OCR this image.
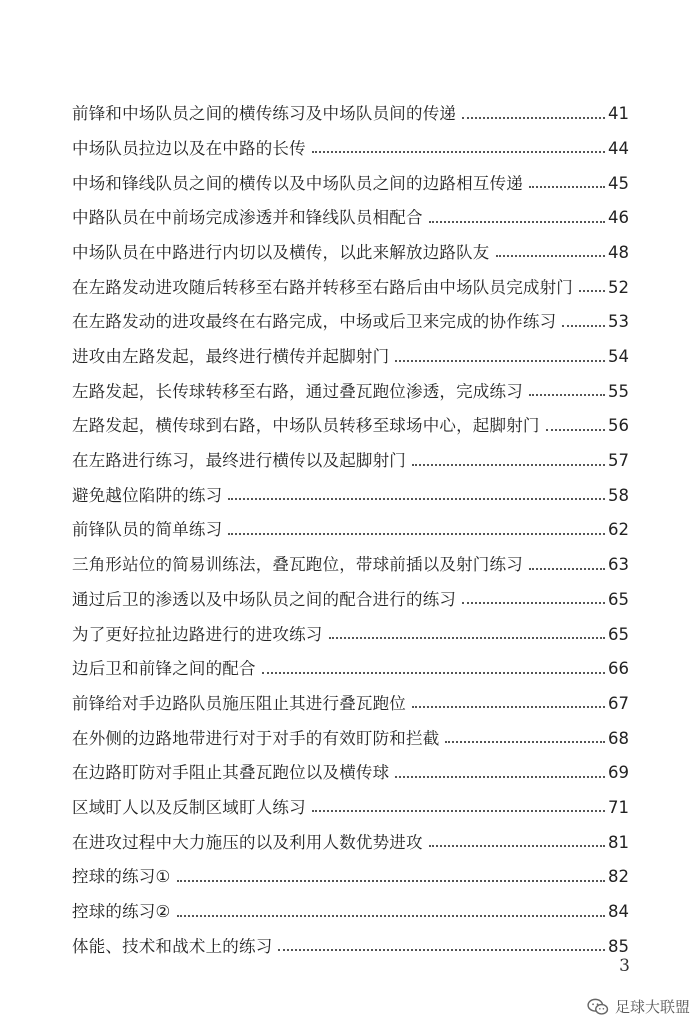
前锋和中场队员之间的横传练习及中场队员间的传递	41
中场队员拉边以及在中路的长传	44
中场和锋线队员之间的横传以及中场队员之间的边路相互传递	45
中路队员在中前场完成渗透并和锋线队员相配合	46
中场队员在中路进行内切以及横传，以此来解放边路队友	48
在左路发动进攻随后转移至右路并转移至右路后由中场队员完成射门 52
在左路发动的进攻最终在右路完成，中场或后卫来完成的协作练习	53
进攻由左路发起，最终进行横传并起脚射门	54
左路发起，长传球转移至右路，通过叠瓦跑位渗透，完成练习	55
左路发起，横传球到右路，中场队员转移至球场中心，起脚射门	56
在左路进行练习，最终进行横传以及起脚射门	57
避免越位陷阱的练习	58
前锋队员的简单练习	62
三角形站位的简易训练法，叠瓦跑位，带球前插以及射门练习	63
通过后卫的渗透以及中场队员之间的配合进行的练习	65
为了更好拉扯边路进行的进攻练习	65
边后卫和前锋之间的配合	66
前锋给对手边路队员施压阻止其进行叠瓦跑位	67
在外侧的边路地带进行对于对手的有效盯防和拦截	68
在边路盯防对手阻止其叠瓦跑位以及横传球	69
区域盯人以及反制区域盯人练习	71
在进攻过程中大力施压的以及利用人数优势进攻	81
控球的练习①	82
控球的练习②	84
体能、技术和战术上的练习	85
3
足球大联盟
